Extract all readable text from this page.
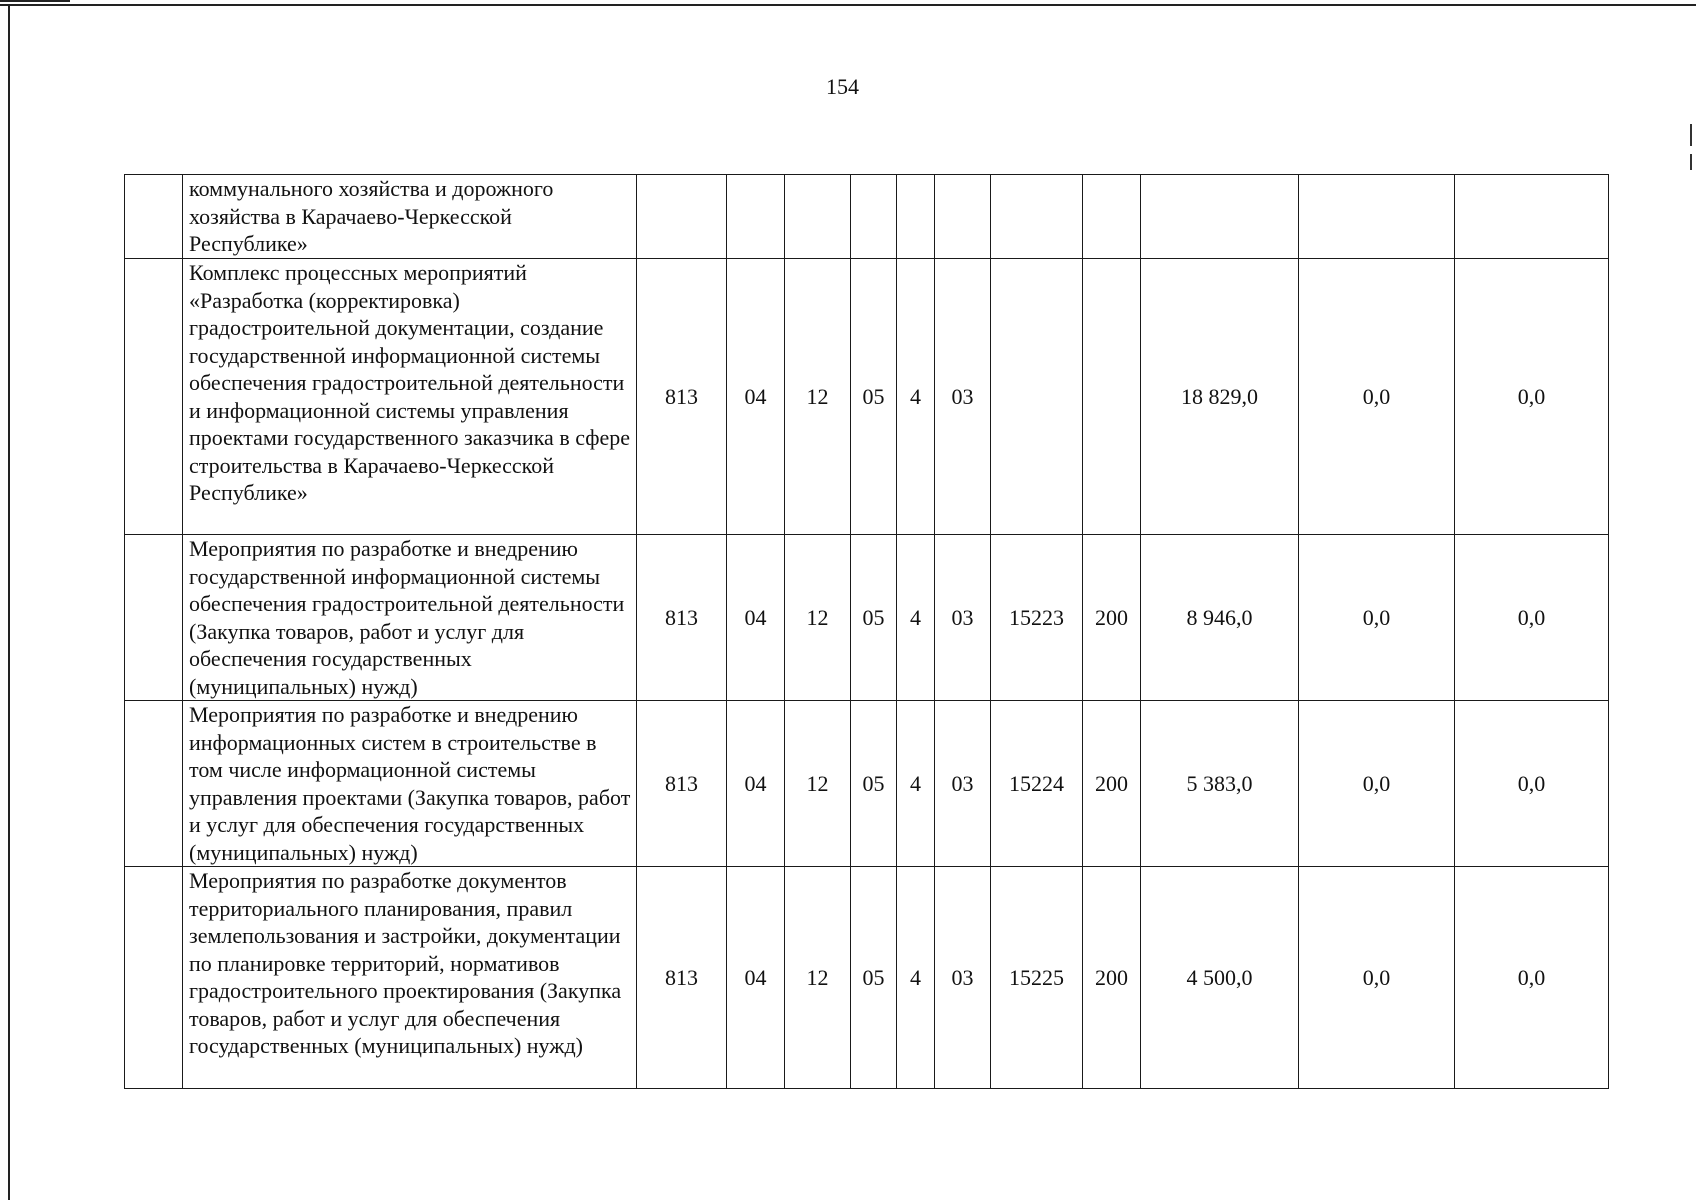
154
	коммунального хозяйства и дорожного хозяйства в Карачаево-Черкесской Республике»											
	Комплекс процессных мероприятий «Разработка (корректировка) градостроительной документации, создание государственной информационной системы обеспечения градостроительной деятельности и информационной системы управления проектами государственного заказчика в сфере строительства в Карачаево-Черкесской Республике»	813	04	12	05	4	03			18 829,0	0,0	0,0
	Мероприятия по разработке и внедрению государственной информационной системы обеспечения градостроительной деятельности (Закупка товаров, работ и услуг для обеспечения государственных (муниципальных) нужд)	813	04	12	05	4	03	15223	200	8 946,0	0,0	0,0
	Мероприятия по разработке и внедрению информационных систем в строительстве в том числе информационной системы управления проектами (Закупка товаров, работ и услуг для обеспечения государственных (муниципальных) нужд)	813	04	12	05	4	03	15224	200	5 383,0	0,0	0,0
	Мероприятия по разработке документов территориального планирования, правил землепользования и застройки, документации по планировке территорий, нормативов градостроительного проектирования (Закупка товаров, работ и услуг для обеспечения государственных (муниципальных) нужд)	813	04	12	05	4	03	15225	200	4 500,0	0,0	0,0
